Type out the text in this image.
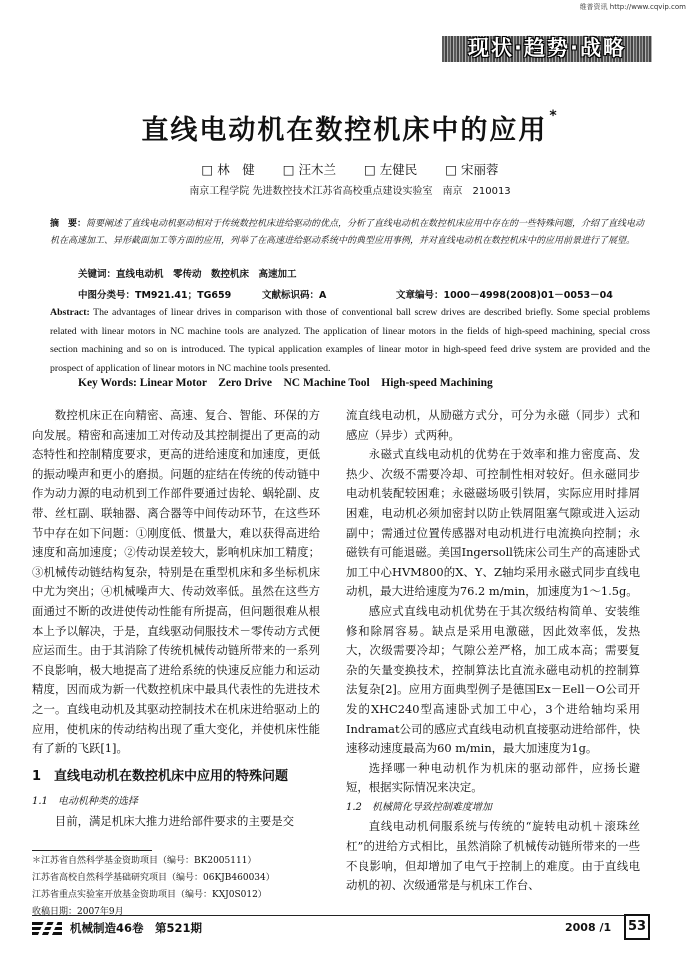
维普资讯 http://www.cqvip.com
现状·趋势·战略
直线电动机在数控机床中的应用 *
□ 林　健 □ 汪木兰 □ 左健民 □ 宋丽蓉
南京工程学院 先进数控技术江苏省高校重点建设实验室　南京　210013
摘　要：简要阐述了直线电动机驱动相对于传统数控机床进给驱动的优点，分析了直线电动机在数控机床应用中存在的一些特殊问题，介绍了直线电动机在高速加工、异形截面加工等方面的应用，列举了在高速进给驱动系统中的典型应用事例，并对直线电动机在数控机床中的应用前景进行了展望。
关键词：直线电动机　零传动　数控机床　高速加工
中图分类号：TM921.41；TG659	文献标识码：A	文章编号：1000－4998(2008)01－0053－04
Abstract: The advantages of linear drives in comparison with those of conventional ball screw drives are described briefly. Some special problems related with linear motors in NC machine tools are analyzed. The application of linear motors in the fields of high-speed machining, special cross section machining and so on is introduced. The typical application examples of linear motor in high-speed feed drive system are provided and the prospect of application of linear motors in NC machine tools presented.
Key Words: Linear Motor　Zero Drive　NC Machine Tool　High-speed Machining

数控机床正在向精密、高速、复合、智能、环保的方向发展。精密和高速加工对传动及其控制提出了更高的动态特性和控制精度要求，更高的进给速度和加速度，更低的振动噪声和更小的磨损。问题的症结在传统的传动链中作为动力源的电动机到工作部件要通过齿轮、蜗轮副、皮带、丝杠副、联轴器、离合器等中间传动环节，在这些环节中存在如下问题：①刚度低、惯量大，难以获得高进给速度和高加速度；②传动误差较大，影响机床加工精度；③机械传动链结构复杂，特别是在重型机床和多坐标机床中尤为突出；④机械噪声大、传动效率低。虽然在这些方面通过不断的改进使传动性能有所提高，但问题很难从根本上予以解决，于是，直线驱动伺服技术－零传动方式便应运而生。由于其消除了传统机械传动链所带来的一系列不良影响，极大地提高了进给系统的快速反应能力和运动精度，因而成为新一代数控机床中最具代表性的先进技术之一。直线电动机及其驱动控制技术在机床进给驱动上的应用，使机床的传动结构出现了重大变化，并使机床性能有了新的飞跃[1]。

1　直线电动机在数控机床中应用的特殊问题
1.1　电动机种类的选择

目前，满足机床大推力进给部件要求的主要是交

流直线电动机，从励磁方式分，可分为永磁（同步）式和感应（异步）式两种。

永磁式直线电动机的优势在于效率和推力密度高、发热少、次级不需要冷却、可控制性相对较好。但永磁同步电动机装配较困难；永磁磁场吸引铁屑，实际应用时排屑困难，电动机必须加密封以防止铁屑阻塞气隙或进入运动副中；需通过位置传感器对电动机进行电流换向控制；永磁铁有可能退磁。美国Ingersoll铣床公司生产的高速卧式加工中心HVM800的X、Y、Z轴均采用永磁式同步直线电动机，最大进给速度为76.2 m/min，加速度为1～1.5g。

感应式直线电动机优势在于其次级结构简单、安装维修和除屑容易。缺点是采用电激磁，因此效率低，发热大，次级需要冷却；气隙公差严格，加工成本高；需要复杂的矢量变换技术，控制算法比直流永磁电动机的控制算法复杂[2]。应用方面典型例子是德国Ex－Eell－O公司开发的XHC240型高速卧式加工中心，3个进给轴均采用Indramat公司的感应式直线电动机直接驱动进给部件，快速移动速度最高为60 m/min，最大加速度为1g。

选择哪一种电动机作为机床的驱动部件，应扬长避短，根据实际情况来决定。

1.2　机械简化导致控制难度增加

直线电动机伺服系统与传统的“旋转电动机＋滚珠丝杠”的进给方式相比，虽然消除了机械传动链所带来的一些不良影响，但却增加了电气于控制上的难度。由于直线电动机的初、次级通常是与机床工作台、

＊江苏省自然科学基金资助项目（编号：BK2005111）
江苏省高校自然科学基础研究项目（编号：06KJB460034）
江苏省重点实验室开放基金资助项目（编号：KXJ0S012）
收稿日期：2007年9月
机械制造46卷　第521期	2008 /1	53
